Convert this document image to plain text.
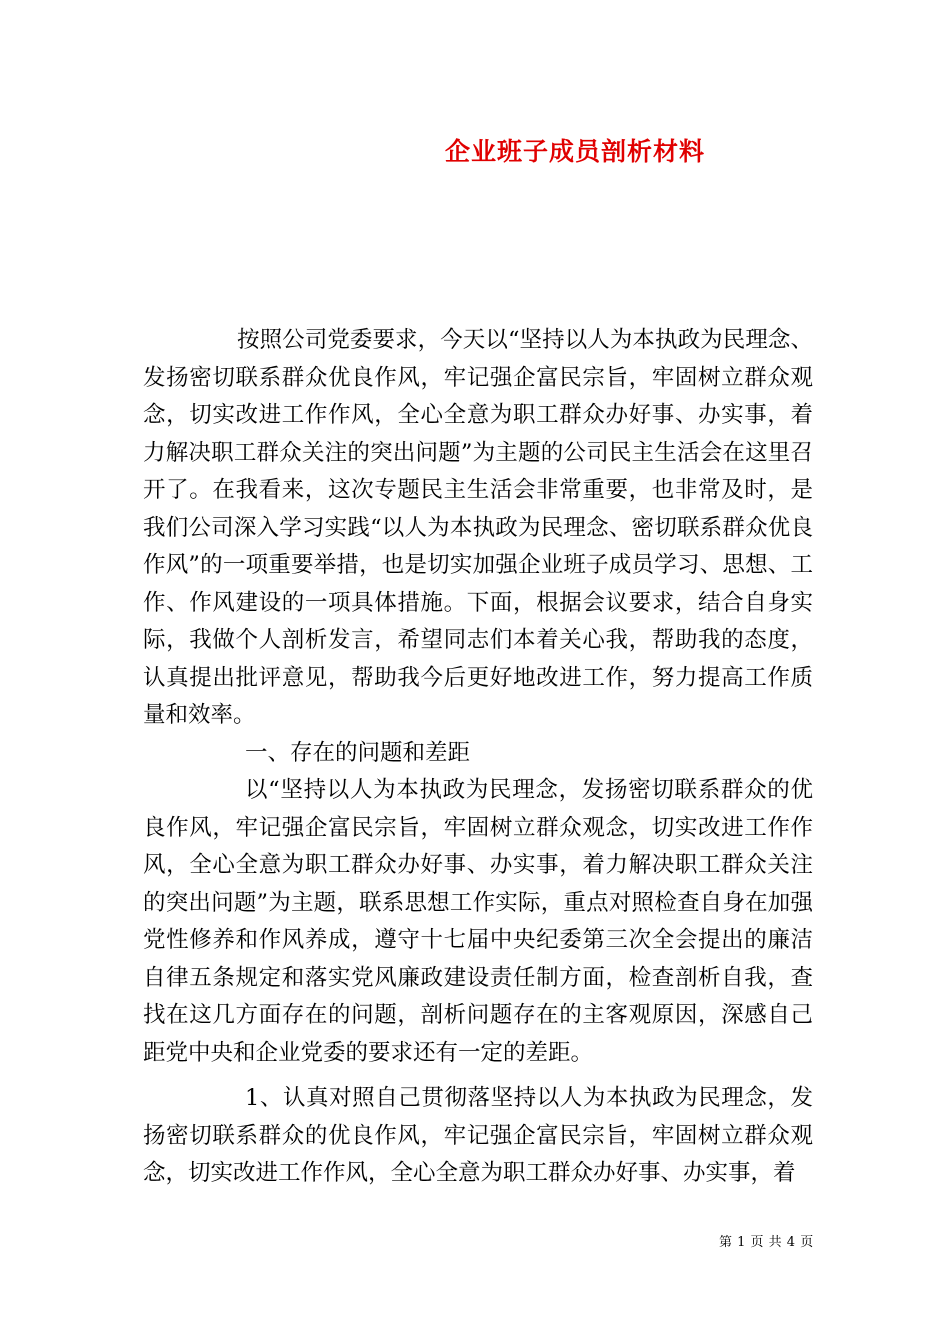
企业班子成员剖析材料

按照公司党委要求，今天以“坚持以人为本执政为民理念、发扬密切联系群众优良作风，牢记强企富民宗旨，牢固树立群众观念，切实改进工作作风，全心全意为职工群众办好事、办实事，着力解决职工群众关注的突出问题”为主题的公司民主生活会在这里召开了。在我看来，这次专题民主生活会非常重要，也非常及时，是我们公司深入学习实践“以人为本执政为民理念、密切联系群众优良作风”的一项重要举措，也是切实加强企业班子成员学习、思想、工作、作风建设的一项具体措施。下面，根据会议要求，结合自身实际，我做个人剖析发言，希望同志们本着关心我，帮助我的态度，认真提出批评意见，帮助我今后更好地改进工作，努力提高工作质量和效率。

一、存在的问题和差距

以“坚持以人为本执政为民理念，发扬密切联系群众的优良作风，牢记强企富民宗旨，牢固树立群众观念，切实改进工作作风，全心全意为职工群众办好事、办实事，着力解决职工群众关注的突出问题”为主题，联系思想工作实际，重点对照检查自身在加强党性修养和作风养成，遵守十七届中央纪委第三次全会提出的廉洁自律五条规定和落实党风廉政建设责任制方面，检查剖析自我，查找在这几方面存在的问题，剖析问题存在的主客观原因，深感自己距党中央和企业党委的要求还有一定的差距。

1、认真对照自己贯彻落坚持以人为本执政为民理念，发扬密切联系群众的优良作风，牢记强企富民宗旨，牢固树立群众观念，切实改进工作作风，全心全意为职工群众办好事、办实事，着

第 1 页 共 4 页
